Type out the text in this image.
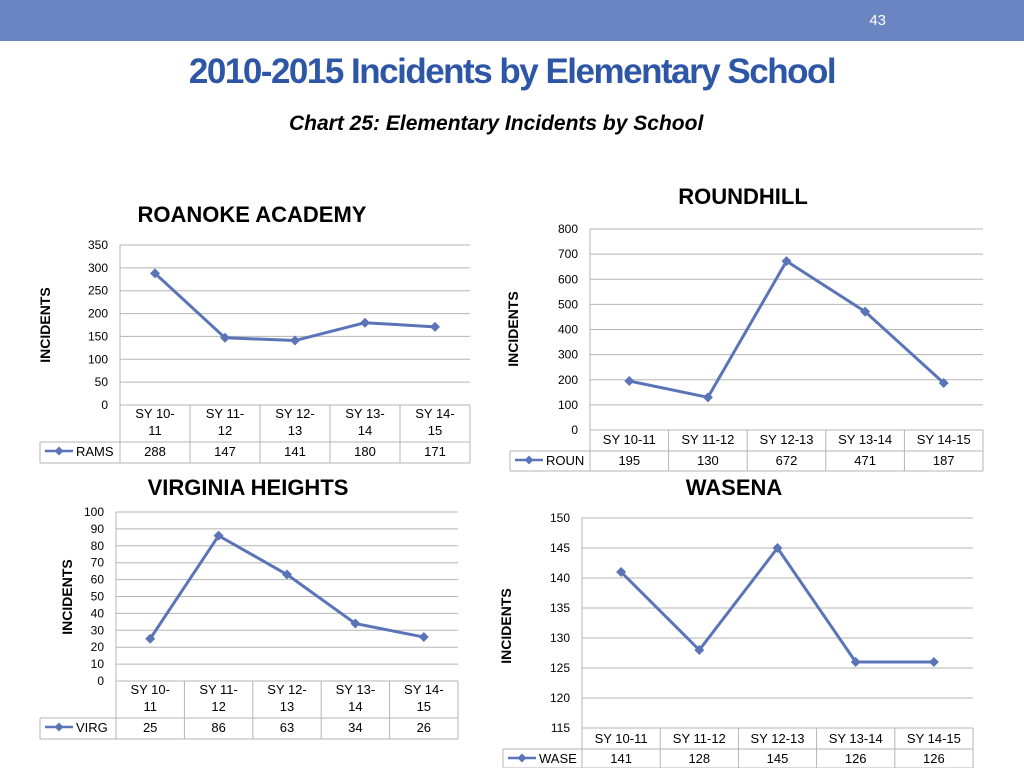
43
2010-2015 Incidents by Elementary School
Chart 25: Elementary Incidents by School
ROANOKE ACADEMY
INCIDENTS
0
50
100
150
200
250
300
350
SY 10-
11
SY 11-
12
SY 12-
13
SY 13-
14
SY 14-
15
RAMS 288	147	141	180	171
ROUNDHILL
INCIDENTS
0
100
200
300
400
500
600
700
800
SY 10-11 SY 11-12 SY 12-13 SY 13-14 SY 14-15
ROUN	195	130	672	471	187
VIRGINIA HEIGHTS
INCIDENTS
0
10
20
30
40
50
60
70
80
90
100
SY 10-
11
SY 11-
12
SY 12-
13
SY 13-
14
SY 14-
15
VIRG	25	86	63	34	26
WASENA
INCIDENTS
115
120
125
130
135
140
145
150
SY 10-11 SY 11-12 SY 12-13 SY 13-14 SY 14-15
WASE	141	128	145	126	126
